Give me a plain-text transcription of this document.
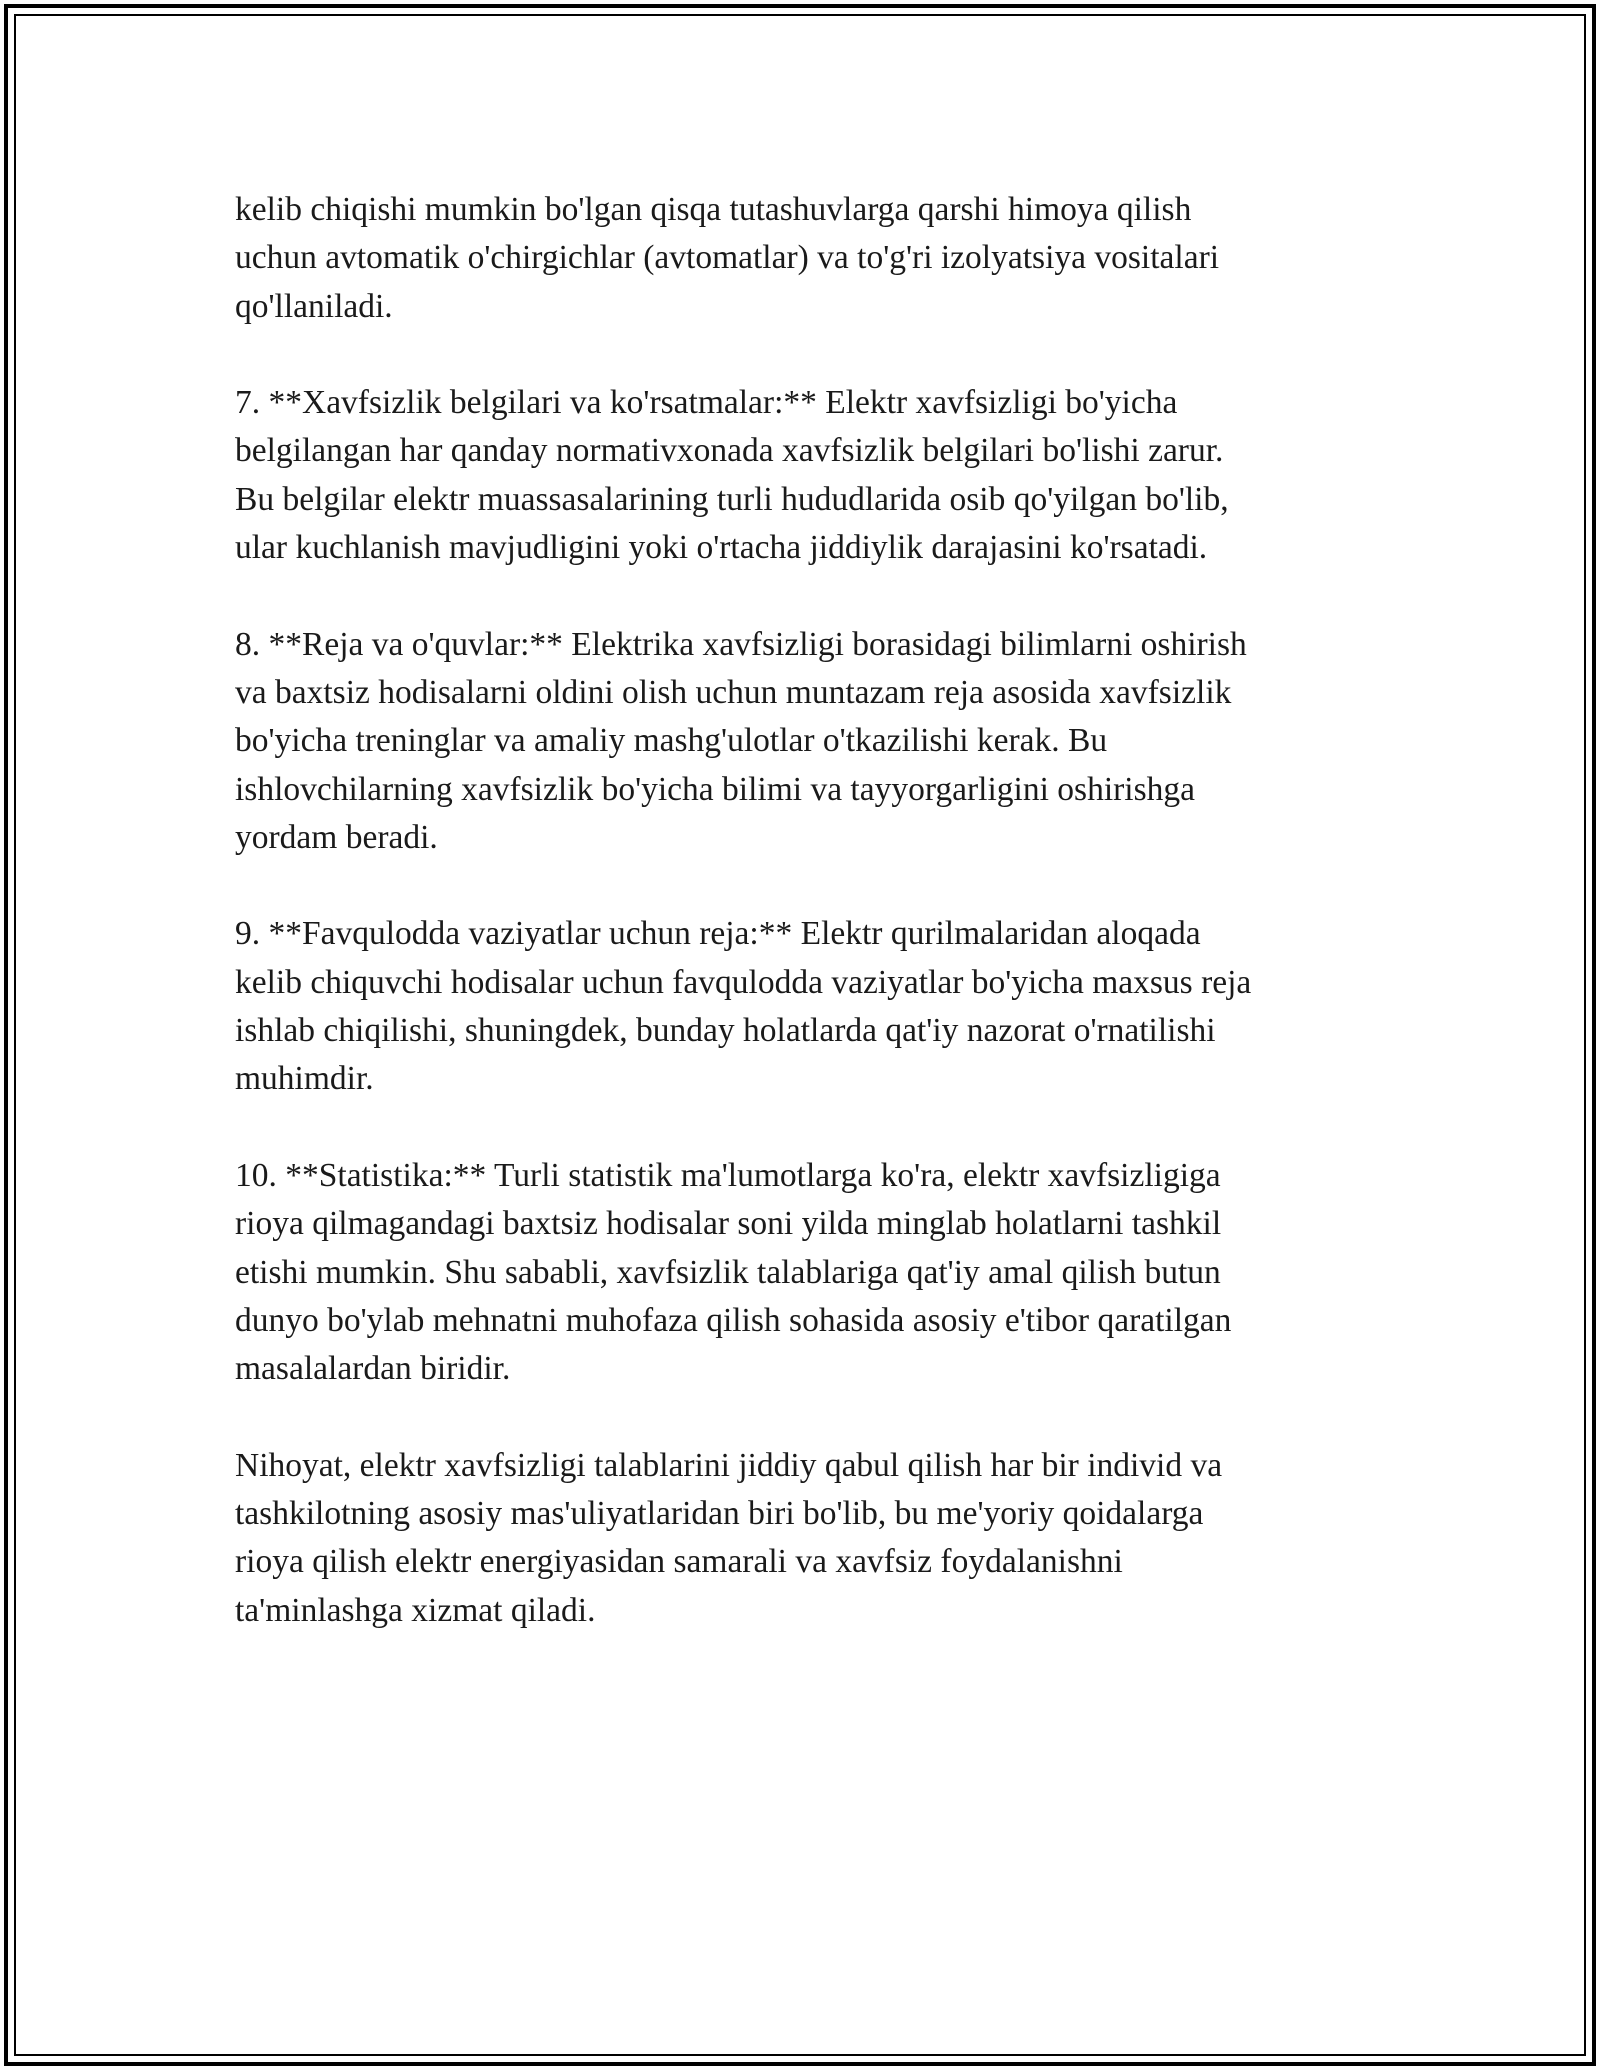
kelib chiqishi mumkin bo'lgan qisqa tutashuvlarga qarshi himoya qilish
uchun avtomatik o'chirgichlar (avtomatlar) va to'g'ri izolyatsiya vositalari
qo'llaniladi.

7. **Xavfsizlik belgilari va ko'rsatmalar:** Elektr xavfsizligi bo'yicha
belgilangan har qanday normativxonada xavfsizlik belgilari bo'lishi zarur.
Bu belgilar elektr muassasalarining turli hududlarida osib qo'yilgan bo'lib,
ular kuchlanish mavjudligini yoki o'rtacha jiddiylik darajasini ko'rsatadi.

8. **Reja va o'quvlar:** Elektrika xavfsizligi borasidagi bilimlarni oshirish
va baxtsiz hodisalarni oldini olish uchun muntazam reja asosida xavfsizlik
bo'yicha treninglar va amaliy mashg'ulotlar o'tkazilishi kerak. Bu
ishlovchilarning xavfsizlik bo'yicha bilimi va tayyorgarligini oshirishga
yordam beradi.

9. **Favqulodda vaziyatlar uchun reja:** Elektr qurilmalaridan aloqada
kelib chiquvchi hodisalar uchun favqulodda vaziyatlar bo'yicha maxsus reja
ishlab chiqilishi, shuningdek, bunday holatlarda qat'iy nazorat o'rnatilishi
muhimdir.

10. **Statistika:** Turli statistik ma'lumotlarga ko'ra, elektr xavfsizligiga
rioya qilmagandagi baxtsiz hodisalar soni yilda minglab holatlarni tashkil
etishi mumkin. Shu sababli, xavfsizlik talablariga qat'iy amal qilish butun
dunyo bo'ylab mehnatni muhofaza qilish sohasida asosiy e'tibor qaratilgan
masalalardan biridir.

Nihoyat, elektr xavfsizligi talablarini jiddiy qabul qilish har bir individ va
tashkilotning asosiy mas'uliyatlaridan biri bo'lib, bu me'yoriy qoidalarga
rioya qilish elektr energiyasidan samarali va xavfsiz foydalanishni
ta'minlashga xizmat qiladi.
